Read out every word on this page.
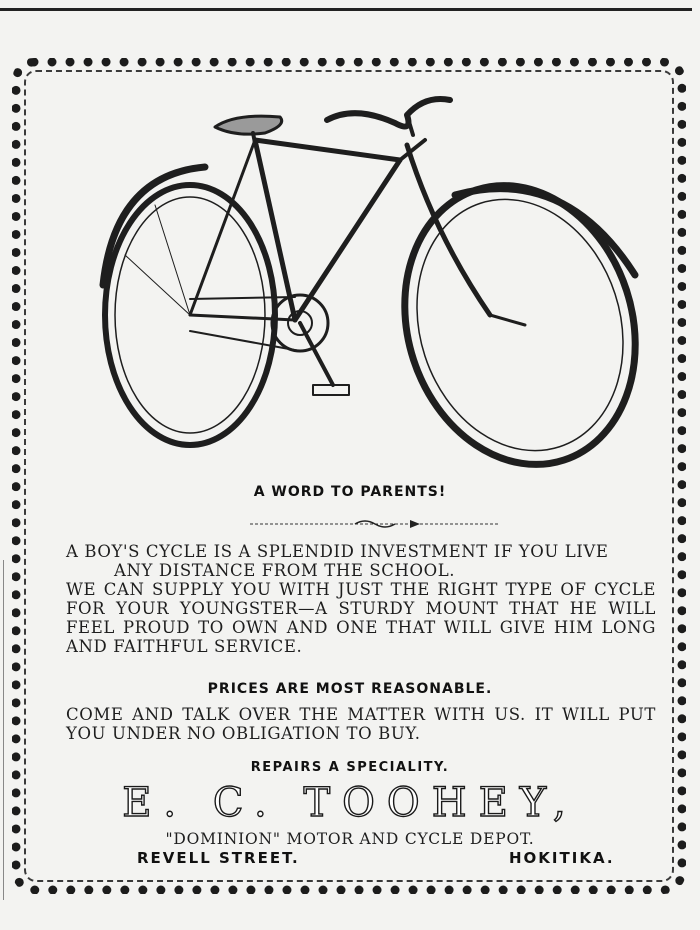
A WORD TO PARENTS!
A BOY'S CYCLE IS A SPLENDID INVESTMENT IF YOU LIVE
ANY DISTANCE FROM THE SCHOOL.
WE CAN SUPPLY YOU WITH JUST THE RIGHT TYPE OF CYCLE FOR YOUR YOUNGSTER—A STURDY MOUNT THAT HE WILL FEEL PROUD TO OWN AND ONE THAT WILL GIVE HIM LONG AND FAITHFUL SERVICE.
PRICES ARE MOST REASONABLE.
COME AND TALK OVER THE MATTER WITH US. IT WILL PUT YOU UNDER NO OBLIGATION TO BUY.
REPAIRS A SPECIALITY.
E. C. TOOHEY,
"DOMINION" MOTOR AND CYCLE DEPOT.
REVELL STREET.	HOKITIKA.
